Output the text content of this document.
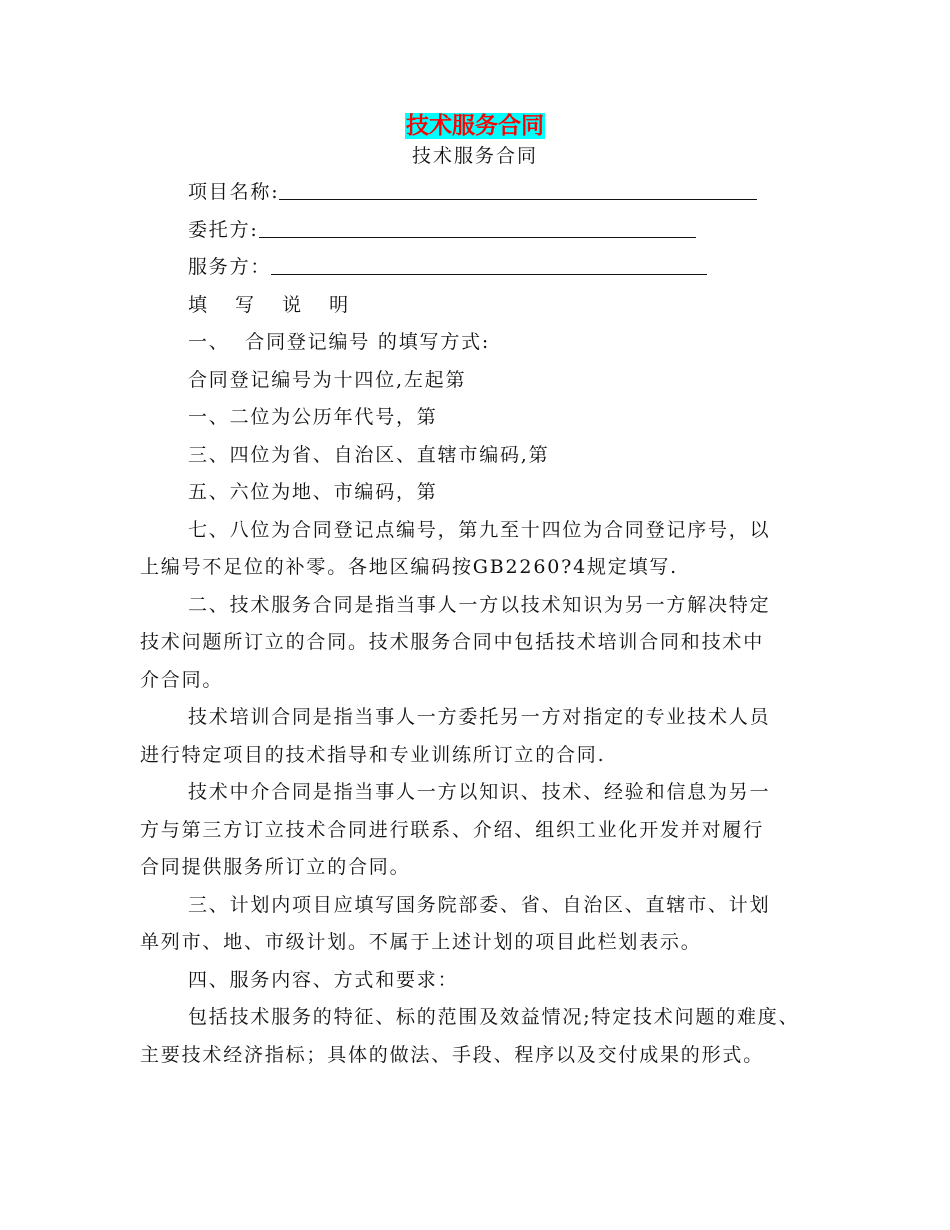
技术服务合同
技术服务合同
项目名称:
委托方:
服务方：
填 写 说 明
一、  合同登记编号 的填写方式:
合同登记编号为十四位,左起第
一、二位为公历年代号，第
三、四位为省、自治区、直辖市编码,第
五、六位为地、市编码，第
七、八位为合同登记点编号，第九至十四位为合同登记序号，以
上编号不足位的补零。各地区编码按GB2260?4规定填写.
二、技术服务合同是指当事人一方以技术知识为另一方解决特定
技术问题所订立的合同。技术服务合同中包括技术培训合同和技术中
介合同。
技术培训合同是指当事人一方委托另一方对指定的专业技术人员
进行特定项目的技术指导和专业训练所订立的合同.
技术中介合同是指当事人一方以知识、技术、经验和信息为另一
方与第三方订立技术合同进行联系、介绍、组织工业化开发并对履行
合同提供服务所订立的合同。
三、计划内项目应填写国务院部委、省、自治区、直辖市、计划
单列市、地、市级计划。不属于上述计划的项目此栏划表示。
四、服务内容、方式和要求：
包括技术服务的特征、标的范围及效益情况;特定技术问题的难度、
主要技术经济指标；具体的做法、手段、程序以及交付成果的形式。
